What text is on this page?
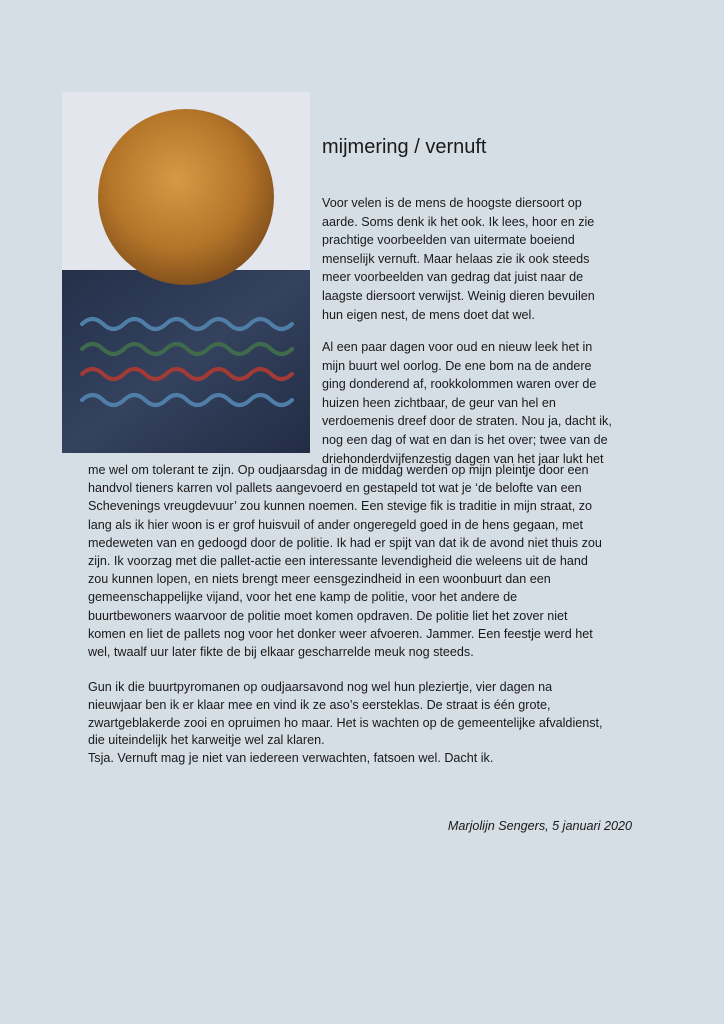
mijmering / vernuft
Voor velen is de mens de hoogste diersoort op
aarde. Soms denk ik het ook. Ik lees, hoor en zie
prachtige voorbeelden van uitermate boeiend
menselijk vernuft. Maar helaas zie ik ook steeds
meer voorbeelden van gedrag dat juist naar de
laagste diersoort verwijst. Weinig dieren bevuilen
hun eigen nest, de mens doet dat wel.
Al een paar dagen voor oud en nieuw leek het in
mijn buurt wel oorlog. De ene bom na de andere
ging donderend af, rookkolommen waren over de
huizen heen zichtbaar, de geur van hel en
verdoemenis dreef door de straten. Nou ja, dacht ik,
nog een dag of wat en dan is het over; twee van de
driehonderdvijfenzestig dagen van het jaar lukt het
me wel om tolerant te zijn. Op oudjaarsdag in de middag werden op mijn pleintje door een
handvol tieners karren vol pallets aangevoerd en gestapeld tot wat je ‘de belofte van een
Schevenings vreugdevuur’ zou kunnen noemen. Een stevige fik is traditie in mijn straat, zo
lang als ik hier woon is er grof huisvuil of ander ongeregeld goed in de hens gegaan, met
medeweten van en gedoogd door de politie. Ik had er spijt van dat ik de avond niet thuis zou
zijn. Ik voorzag met die pallet-actie een interessante levendigheid die weleens uit de hand
zou kunnen lopen, en niets brengt meer eensgezindheid in een woonbuurt dan een
gemeenschappelijke vijand, voor het ene kamp de politie, voor het andere de
buurtbewoners waarvoor de politie moet komen opdraven. De politie liet het zover niet
komen en liet de pallets nog voor het donker weer afvoeren. Jammer. Een feestje werd het
wel, twaalf uur later fikte de bij elkaar gescharrelde meuk nog steeds.
Gun ik die buurtpyromanen op oudjaarsavond nog wel hun pleziertje, vier dagen na
nieuwjaar ben ik er klaar mee en vind ik ze aso’s eersteklas. De straat is één grote,
zwartgeblakerde zooi en opruimen ho maar. Het is wachten op de gemeentelijke afvaldienst,
die uiteindelijk het karweitje wel zal klaren.
Tsja. Vernuft mag je niet van iedereen verwachten, fatsoen wel. Dacht ik.
Marjolijn Sengers, 5 januari 2020
